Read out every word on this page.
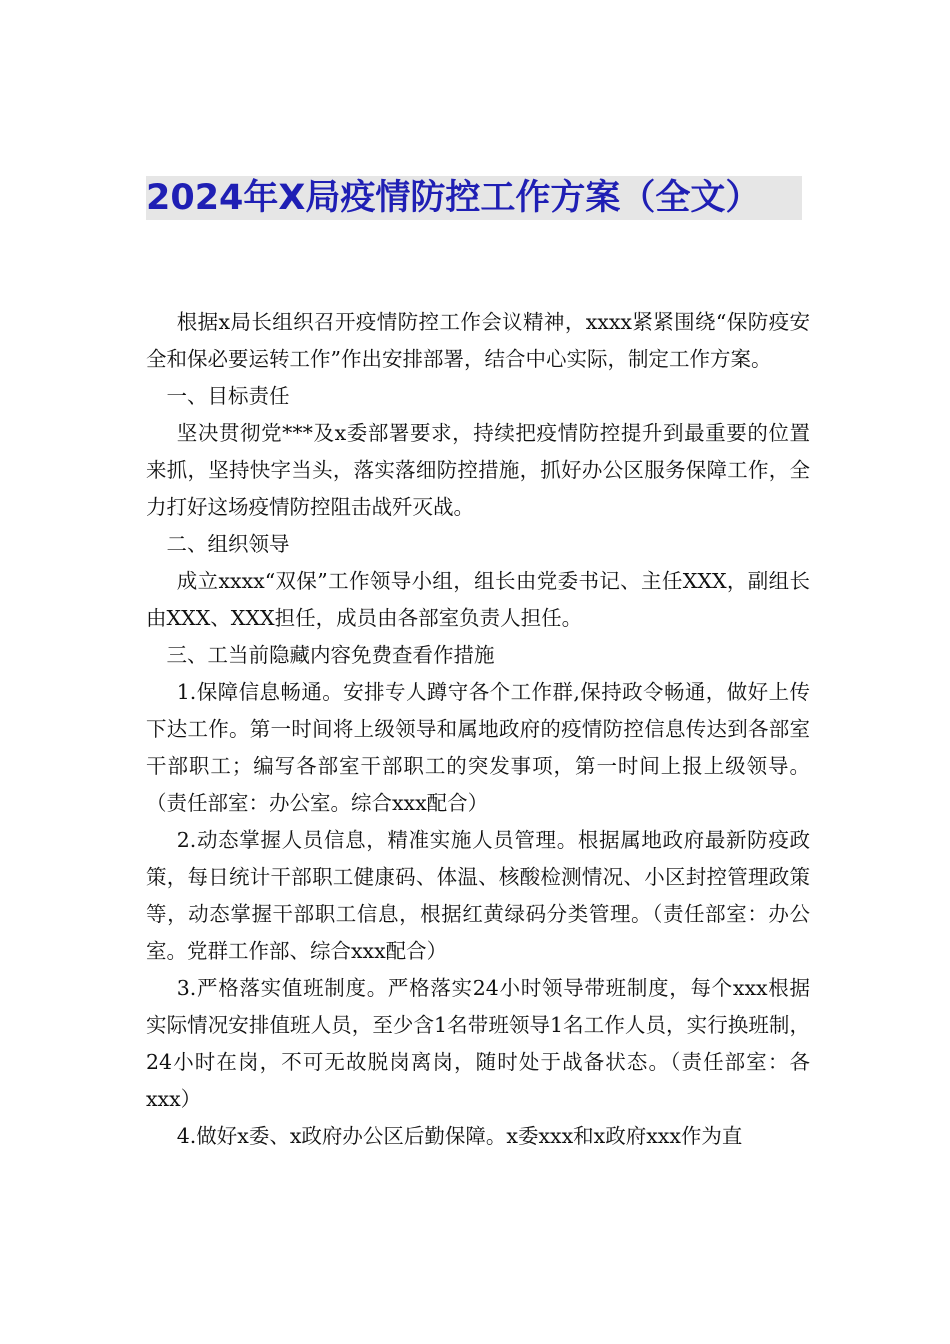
2024年X局疫情防控工作方案（全文）

根据x局长组织召开疫情防控工作会议精神，xxxx紧紧围绕“保防疫安全和保必要运转工作”作出安排部署，结合中心实际，制定工作方案。

一、目标责任

坚决贯彻党***及x委部署要求，持续把疫情防控提升到最重要的位置来抓，坚持快字当头，落实落细防控措施，抓好办公区服务保障工作，全力打好这场疫情防控阻击战歼灭战。

二、组织领导

成立xxxx“双保”工作领导小组，组长由党委书记、主任XXX，副组长由XXX、XXX担任，成员由各部室负责人担任。

三、工当前隐藏内容免费查看作措施

1.保障信息畅通。安排专人蹲守各个工作群,保持政令畅通，做好上传下达工作。第一时间将上级领导和属地政府的疫情防控信息传达到各部室干部职工；编写各部室干部职工的突发事项，第一时间上报上级领导。（责任部室：办公室。综合xxx配合）

2.动态掌握人员信息，精准实施人员管理。根据属地政府最新防疫政策，每日统计干部职工健康码、体温、核酸检测情况、小区封控管理政策等，动态掌握干部职工信息，根据红黄绿码分类管理。（责任部室：办公室。党群工作部、综合xxx配合）

3.严格落实值班制度。严格落实24小时领导带班制度，每个xxx根据实际情况安排值班人员，至少含1名带班领导1名工作人员，实行换班制，24小时在岗，不可无故脱岗离岗，随时处于战备状态。（责任部室：各xxx）

4.做好x委、x政府办公区后勤保障。x委xxx和x政府xxx作为直
